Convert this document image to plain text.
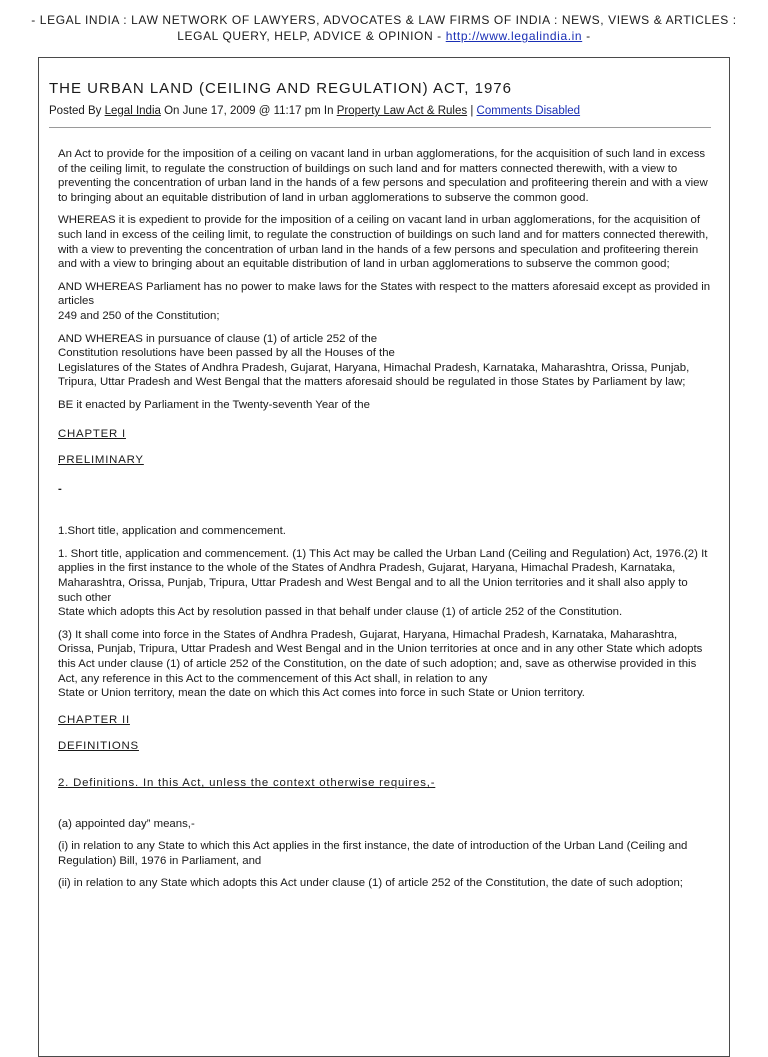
- LEGAL INDIA : LAW NETWORK OF LAWYERS, ADVOCATES & LAW FIRMS OF INDIA : NEWS, VIEWS & ARTICLES :
LEGAL QUERY, HELP, ADVICE & OPINION - http://www.legalindia.in -
THE URBAN LAND (CEILING AND REGULATION) ACT, 1976
Posted By Legal India On June 17, 2009 @ 11:17 pm In Property Law Act & Rules | Comments Disabled

An Act to provide for the imposition of a ceiling on vacant land in urban agglomerations, for the acquisition of such land in excess of the ceiling limit, to regulate the construction of buildings on such land and for matters connected therewith, with a view to preventing the concentration of urban land in the hands of a few persons and speculation and profiteering therein and with a view to bringing about an equitable distribution of land in urban agglomerations to subserve the common good.

WHEREAS it is expedient to provide for the imposition of a ceiling on vacant land in urban agglomerations, for the acquisition of such land in excess of the ceiling limit, to regulate the construction of buildings on such land and for matters connected therewith, with a view to preventing the concentration of urban land in the hands of a few persons and speculation and profiteering therein and with a view to bringing about an equitable distribution of land in urban agglomerations to subserve the common good;

AND WHEREAS Parliament has no power to make laws for the States with respect to the matters aforesaid except as provided in articles
249 and 250 of the Constitution;

AND WHEREAS in pursuance of clause (1) of article 252 of the
Constitution resolutions have been passed by all the Houses of the
Legislatures of the States of Andhra Pradesh, Gujarat, Haryana, Himachal Pradesh, Karnataka, Maharashtra, Orissa, Punjab, Tripura, Uttar Pradesh and West Bengal that the matters aforesaid should be regulated in those States by Parliament by law;

BE it enacted by Parliament in the Twenty-seventh Year of the

CHAPTER I

PRELIMINARY

-

1.Short title, application and commencement.

1. Short title, application and commencement. (1) This Act may be called the Urban Land (Ceiling and Regulation) Act, 1976.(2) It applies in the first instance to the whole of the States of Andhra Pradesh, Gujarat, Haryana, Himachal Pradesh, Karnataka, Maharashtra, Orissa, Punjab, Tripura, Uttar Pradesh and West Bengal and to all the Union territories and it shall also apply to such other
State which adopts this Act by resolution passed in that behalf under clause (1) of article 252 of the Constitution.

(3) It shall come into force in the States of Andhra Pradesh, Gujarat, Haryana, Himachal Pradesh, Karnataka, Maharashtra, Orissa, Punjab, Tripura, Uttar Pradesh and West Bengal and in the Union territories at once and in any other State which adopts this Act under clause (1) of article 252 of the Constitution, on the date of such adoption; and, save as otherwise provided in this Act, any reference in this Act to the commencement of this Act shall, in relation to any
State or Union territory, mean the date on which this Act comes into force in such State or Union territory.

CHAPTER II

DEFINITIONS

2. Definitions. In this Act, unless the context otherwise requires,-

(a) appointed day” means,-

(i) in relation to any State to which this Act applies in the first instance, the date of introduction of the Urban Land (Ceiling and Regulation) Bill, 1976 in Parliament, and

(ii) in relation to any State which adopts this Act under clause (1) of article 252 of the Constitution, the date of such adoption;
